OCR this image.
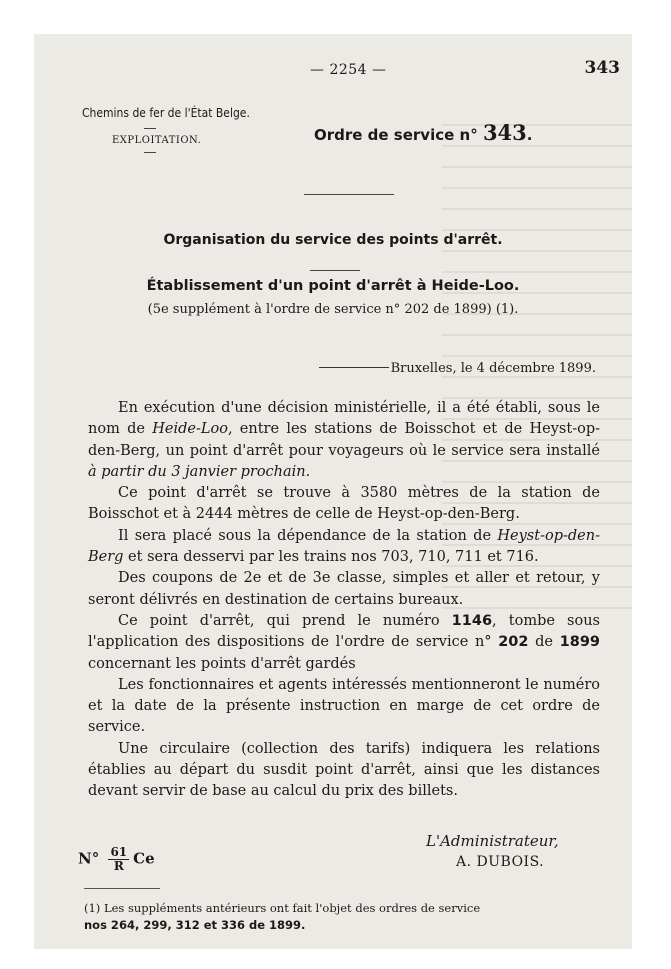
— 2254 —	343
Chemins de fer de l'État Belge.
EXPLOITATION.	Ordre de service n° 343.
Organisation du service des points d'arrêt.
Établissement d'un point d'arrêt à Heide-Loo.
(5e supplément à l'ordre de service n° 202 de 1899) (1).
Bruxelles, le 4 décembre 1899.

En exécution d'une décision ministérielle, il a été établi, sous le nom de Heide-Loo, entre les stations de Boisschot et de Heyst-op-den-Berg, un point d'arrêt pour voyageurs où le service sera installé à partir du 3 janvier prochain.

Ce point d'arrêt se trouve à 3580 mètres de la station de Boisschot et à 2444 mètres de celle de Heyst-op-den-Berg.

Il sera placé sous la dépendance de la station de Heyst-op-den-Berg et sera desservi par les trains nos 703, 710, 711 et 716.

Des coupons de 2e et de 3e classe, simples et aller et retour, y seront délivrés en destination de certains bureaux.

Ce point d'arrêt, qui prend le numéro 1146, tombe sous l'application des dispositions de l'ordre de service n° 202 de 1899 concernant les points d'arrêt gardés

Les fonctionnaires et agents intéressés mentionneront le numéro et la date de la présente instruction en marge de cet ordre de service.

Une circulaire (collection des tarifs) indiquera les relations établies au départ du susdit point d'arrêt, ainsi que les distances devant servir de base au calcul du prix des billets.

$N^\circ \frac{61}{R}$ Ce
L'Administrateur,
A. DUBOIS.
(1) Les suppléments antérieurs ont fait l'objet des ordres de service
nos 264, 299, 312 et 336 de 1899.
